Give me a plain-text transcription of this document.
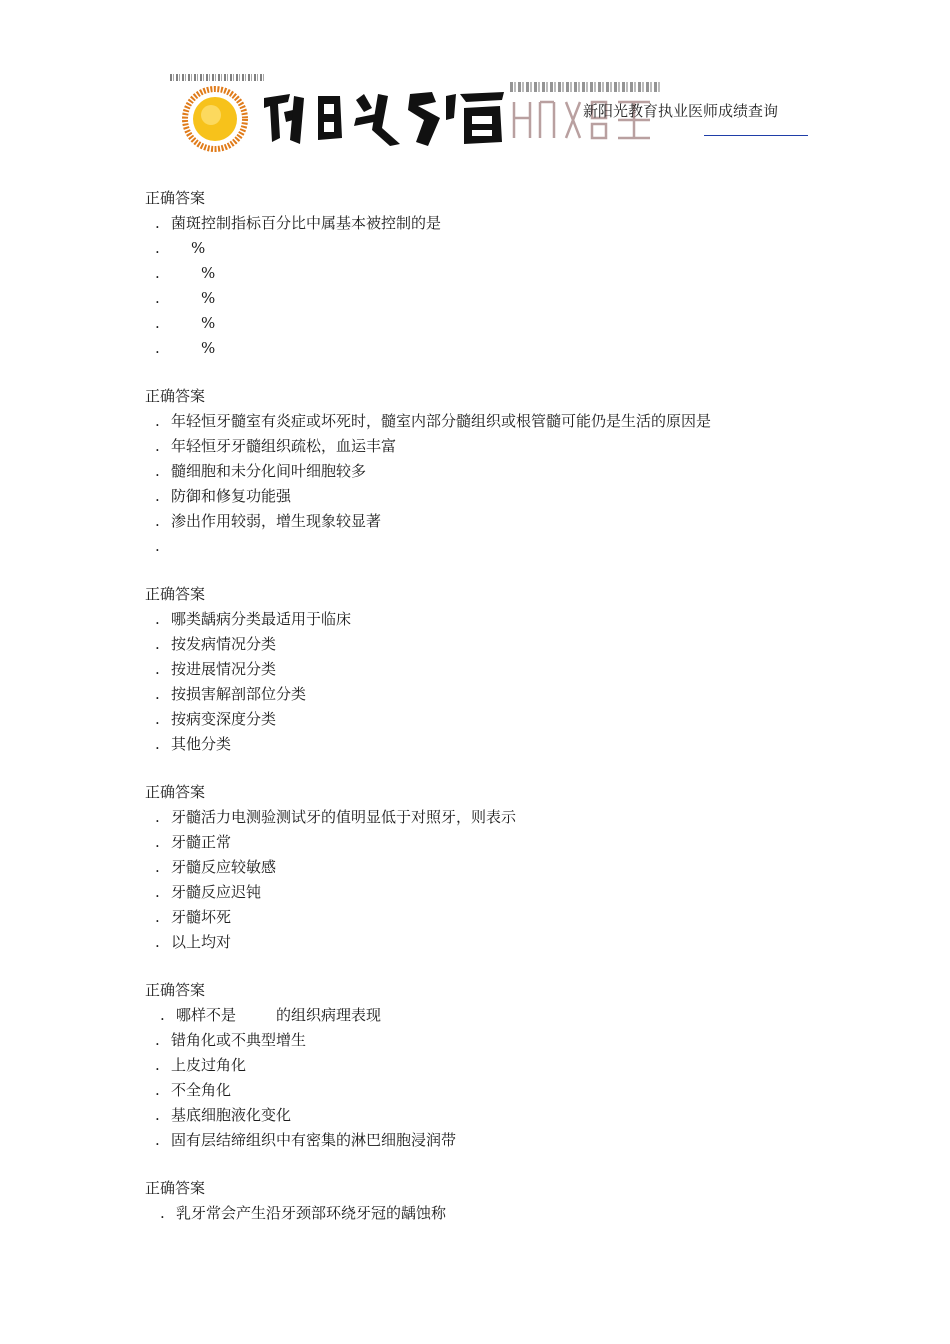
新阳光教育执业医师成绩查询
正确答案
. 菌斑控制指标百分比中属基本被控制的是
. %
.	%
.	%
.	%
.	%
正确答案
. 年轻恒牙髓室有炎症或坏死时，髓室内部分髓组织或根管髓可能仍是生活的原因是
. 年轻恒牙牙髓组织疏松，血运丰富
. 髓细胞和未分化间叶细胞较多
. 防御和修复功能强
. 渗出作用较弱，增生现象较显著
.
正确答案
. 哪类龋病分类最适用于临床
. 按发病情况分类
. 按进展情况分类
. 按损害解剖部位分类
. 按病变深度分类
. 其他分类
正确答案
. 牙髓活力电测验测试牙的值明显低于对照牙，则表示
. 牙髓正常
. 牙髓反应较敏感
. 牙髓反应迟钝
. 牙髓坏死
. 以上均对
正确答案
. 哪样不是	的组织病理表现
. 错角化或不典型增生
. 上皮过角化
. 不全角化
. 基底细胞液化变化
. 固有层结缔组织中有密集的淋巴细胞浸润带
正确答案
. 乳牙常会产生沿牙颈部环绕牙冠的龋蚀称
